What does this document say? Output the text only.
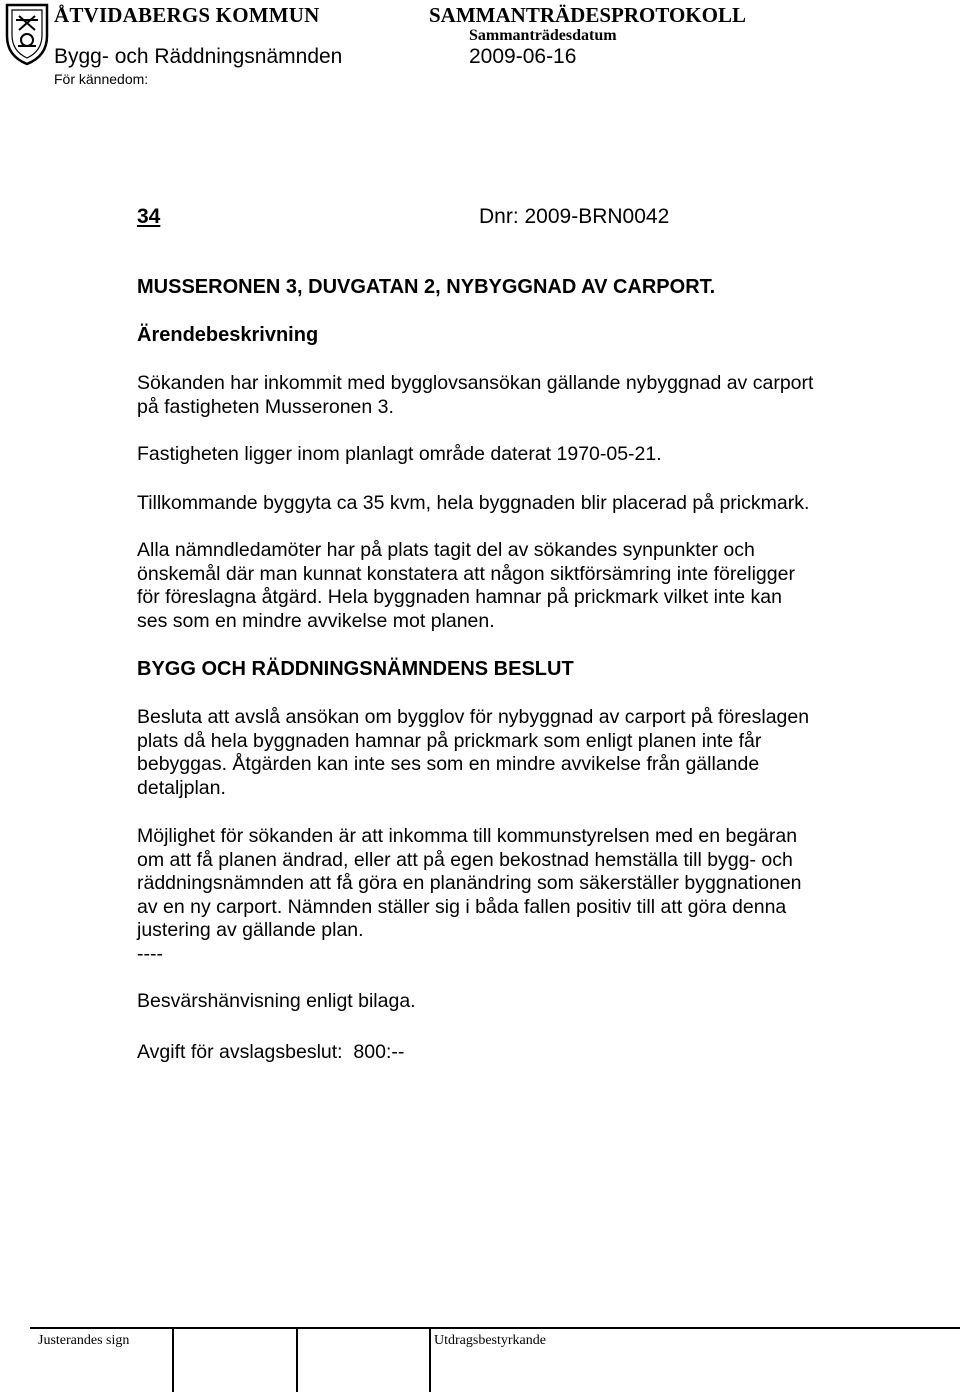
ÅTVIDABERGS KOMMUN	SAMMANTRÄDESPROTOKOLL
Sammanträdesdatum
Bygg- och Räddningsnämnden	2009-06-16
För kännedom:
34	Dnr: 2009-BRN0042
MUSSERONEN 3, DUVGATAN 2, NYBYGGNAD AV CARPORT.
Ärendebeskrivning
Sökanden har inkommit med bygglovsansökan gällande nybyggnad av carport
på fastigheten Musseronen 3.
Fastigheten ligger inom planlagt område daterat 1970-05-21.
Tillkommande byggyta ca 35 kvm, hela byggnaden blir placerad på prickmark.
Alla nämndledamöter har på plats tagit del av sökandes synpunkter och
önskemål där man kunnat konstatera att någon siktförsämring inte föreligger
för föreslagna åtgärd. Hela byggnaden hamnar på prickmark vilket inte kan
ses som en mindre avvikelse mot planen.
BYGG OCH RÄDDNINGSNÄMNDENS BESLUT
Besluta att avslå ansökan om bygglov för nybyggnad av carport på föreslagen
plats då hela byggnaden hamnar på prickmark som enligt planen inte får
bebyggas. Åtgärden kan inte ses som en mindre avvikelse från gällande
detaljplan.
Möjlighet för sökanden är att inkomma till kommunstyrelsen med en begäran
om att få planen ändrad, eller att på egen bekostnad hemställa till bygg- och
räddningsnämnden att få göra en planändring som säkerställer byggnationen
av en ny carport. Nämnden ställer sig i båda fallen positiv till att göra denna
justering av gällande plan.
----
Besvärshänvisning enligt bilaga.
Avgift för avslagsbeslut:  800:--
Justerandes sign	Utdragsbestyrkande
